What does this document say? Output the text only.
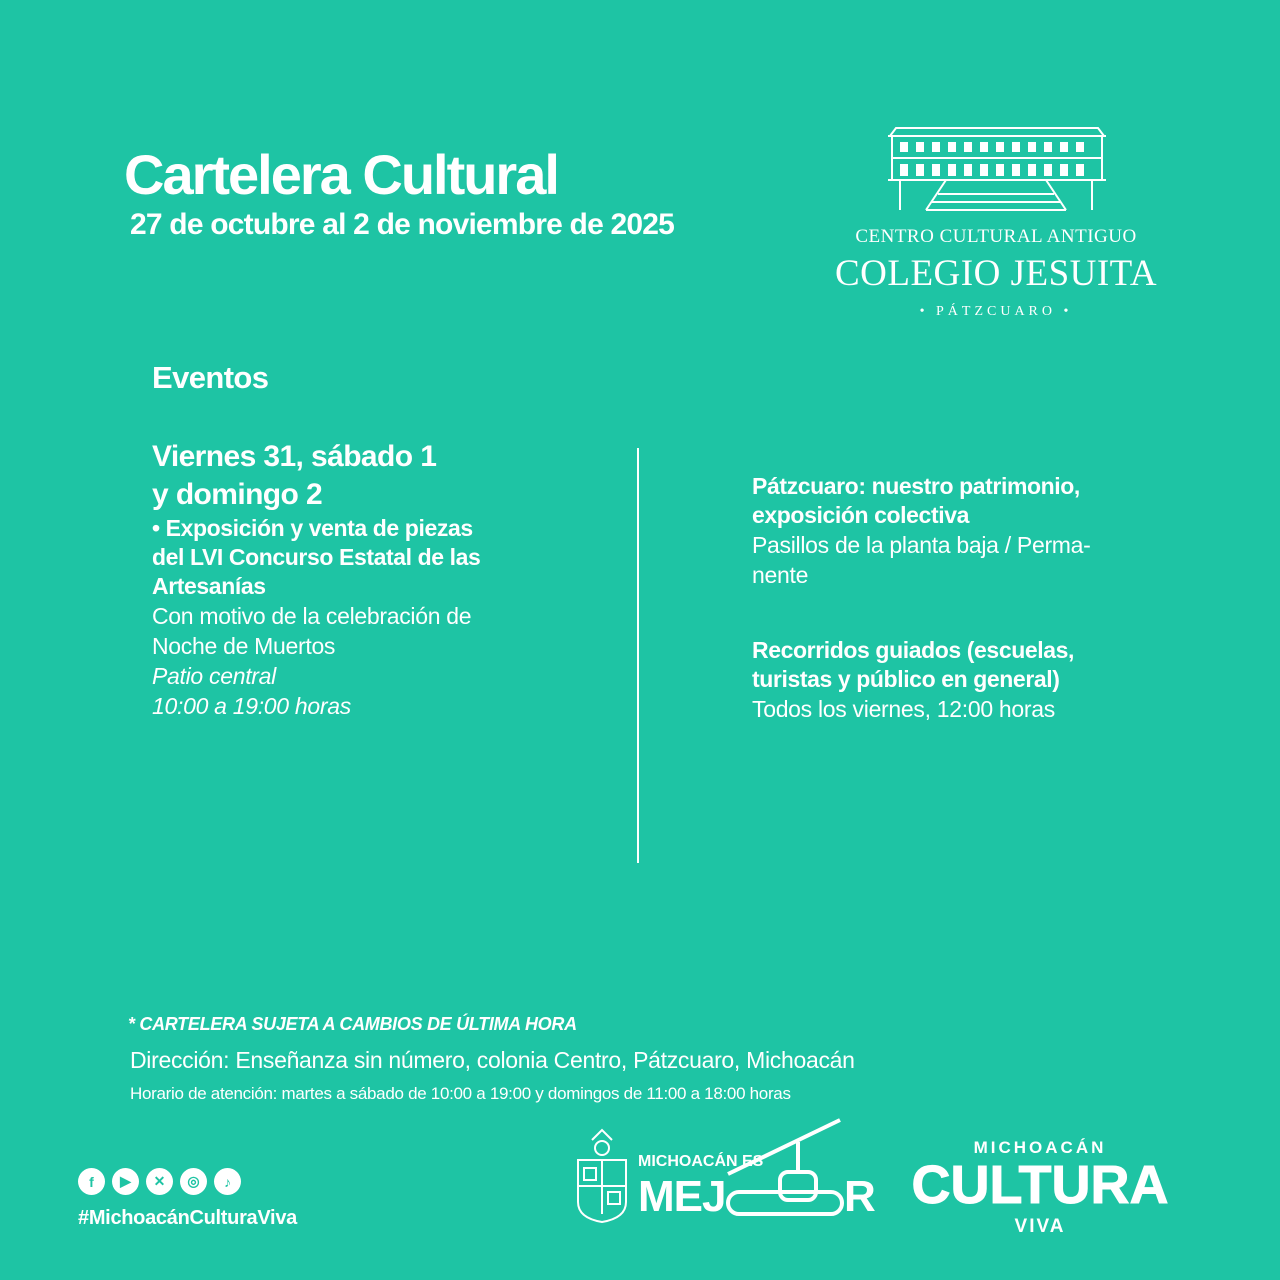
Cartelera Cultural
27 de octubre al 2 de noviembre de 2025	CENTRO CULTURAL ANTIGUO
COLEGIO JESUITA
• PÁTZCUARO •
Eventos
Viernes 31, sábado 1
y domingo 2
• Exposición y venta de piezas
del LVI Concurso Estatal de las
Artesanías
Con motivo de la celebración de
Noche de Muertos
Patio central
10:00 a 19:00 horas
Pátzcuaro: nuestro patrimonio,
exposición colectiva
Pasillos de la planta baja / Perma-
nente
Recorridos guiados (escuelas,
turistas y público en general)
Todos los viernes, 12:00 horas
* CARTELERA SUJETA A CAMBIOS DE ÚLTIMA HORA
Dirección: Enseñanza sin número, colonia Centro, Pátzcuaro, Michoacán
Horario de atención: martes a sábado de 10:00 a 19:00 y domingos de 11:00 a 18:00 horas
f	▶	✕	◎	♪
#MichoacánCulturaViva
MICHOACÁN ES
MEJ	R
MICHOACÁN
CULTURA
VIVA
